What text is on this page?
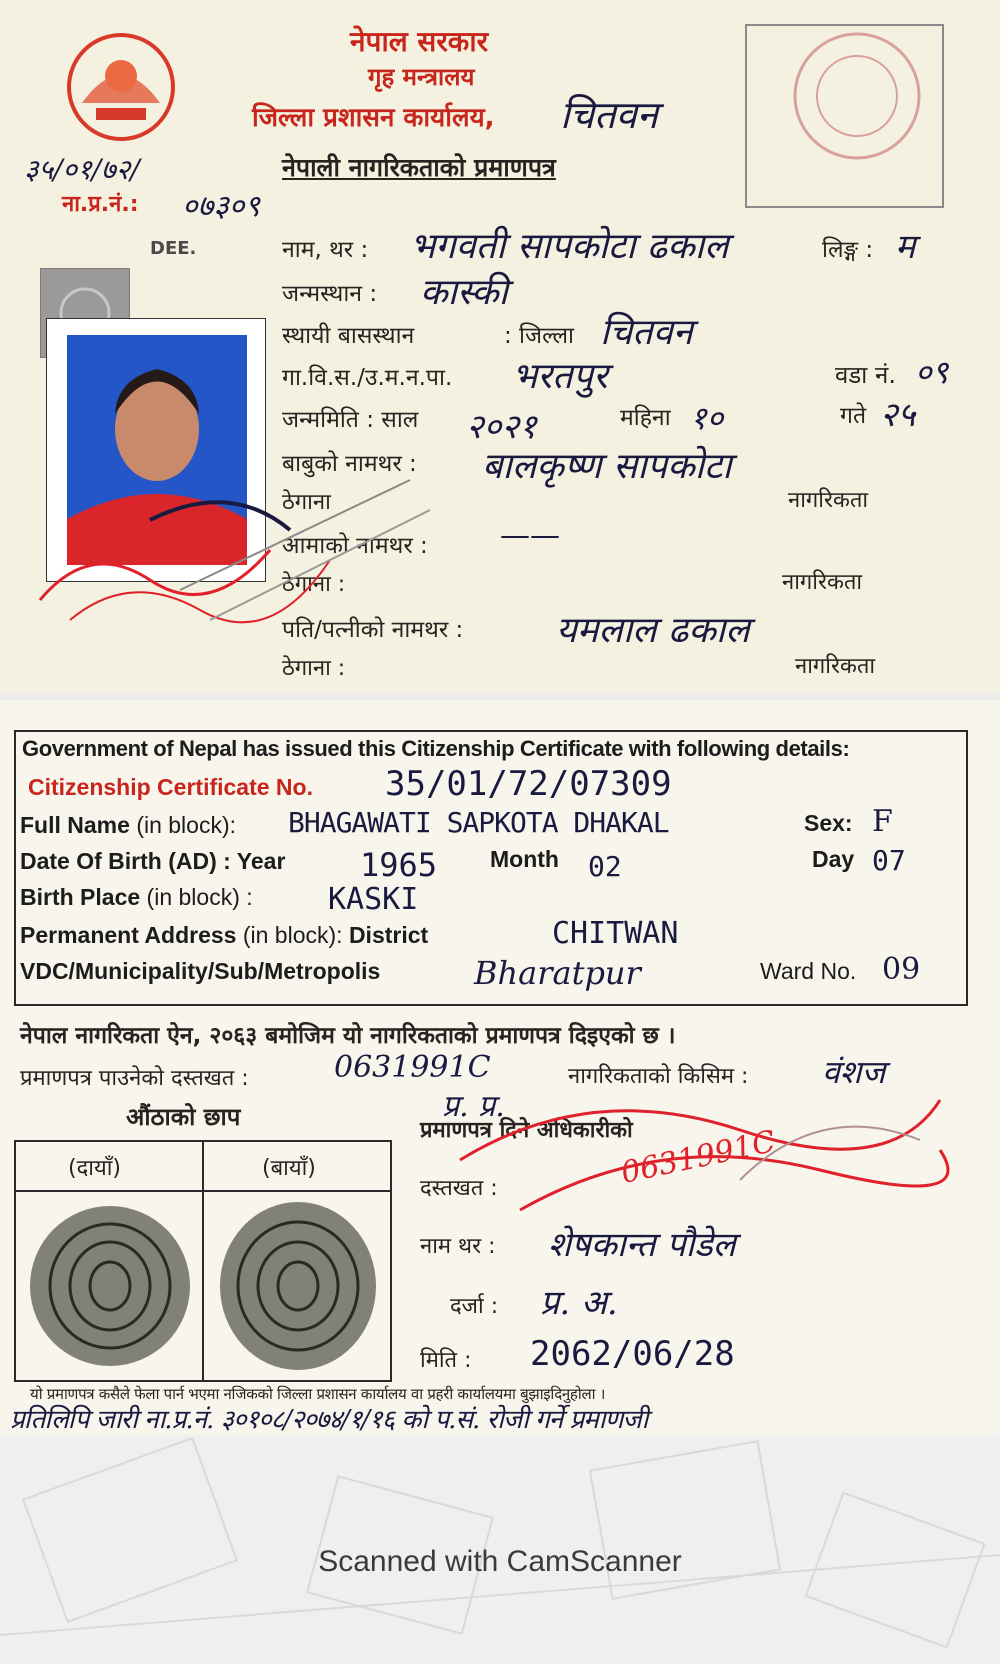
नेपाल सरकार
गृह मन्त्रालय
जिल्ला प्रशासन कार्यालय, चितवन
नेपाली नागरिकताको प्रमाणपत्र
३५/०१/७२/
ना.प्र.नं.: ०७३०९
DEE.	नाम, थर : भगवती सापकोटा ढकाल	लिङ्ग : म
जन्मस्थान : कास्की
स्थायी बासस्थान	: जिल्ला चितवन
गा.वि.स./उ.म.न.पा. भरतपुर	वडा नं. ०९
जन्ममिति : साल २०२१	महिना १०	गते २५
बाबुको नामथर : बालकृष्ण सापकोटा
ठेगाना	नागरिकता
आमाको नामथर : ——
ठेगाना :	नागरिकता
पति/पत्नीको नामथर :	यमलाल ढकाल
ठेगाना :	नागरिकता
Government of Nepal has issued this Citizenship Certificate with following details:
Citizenship Certificate No. 35/01/72/07309
Full Name (in block): BHAGAWATI SAPKOTA DHAKAL	Sex: F
Date Of Birth (AD) : Year 1965 Month 02	Day 07
Birth Place (in block) :	KASKI
Permanent Address (in block): District	CHITWAN
VDC/Municipality/Sub/Metropolis	Bharatpur	Ward No. 09
नेपाल नागरिकता ऐन, २०६३ बमोजिम यो नागरिकताको प्रमाणपत्र दिइएको छ ।
प्रमाणपत्र पाउनेको दस्तखत :	0631991C	नागरिकताको किसिम : वंशज
प्र. प्र.
औंठाको छाप
(दायाँ)	(बायाँ)
प्रमाणपत्र दिने अधिकारीको
दस्तखत :
नाम थर : शेषकान्त पौडेल
दर्जा : प्र. अ.
मिति : 2062/06/28
0631991C
यो प्रमाणपत्र कसैले फेला पार्न भएमा नजिकको जिल्ला प्रशासन कार्यालय वा प्रहरी कार्यालयमा बुझाइदिनुहोला ।
प्रतिलिपि जारी ना.प्र.नं. ३०१०८/२०७४/१/१६ को प.सं. रोजी गर्ने प्रमाणजी
Scanned with CamScanner
